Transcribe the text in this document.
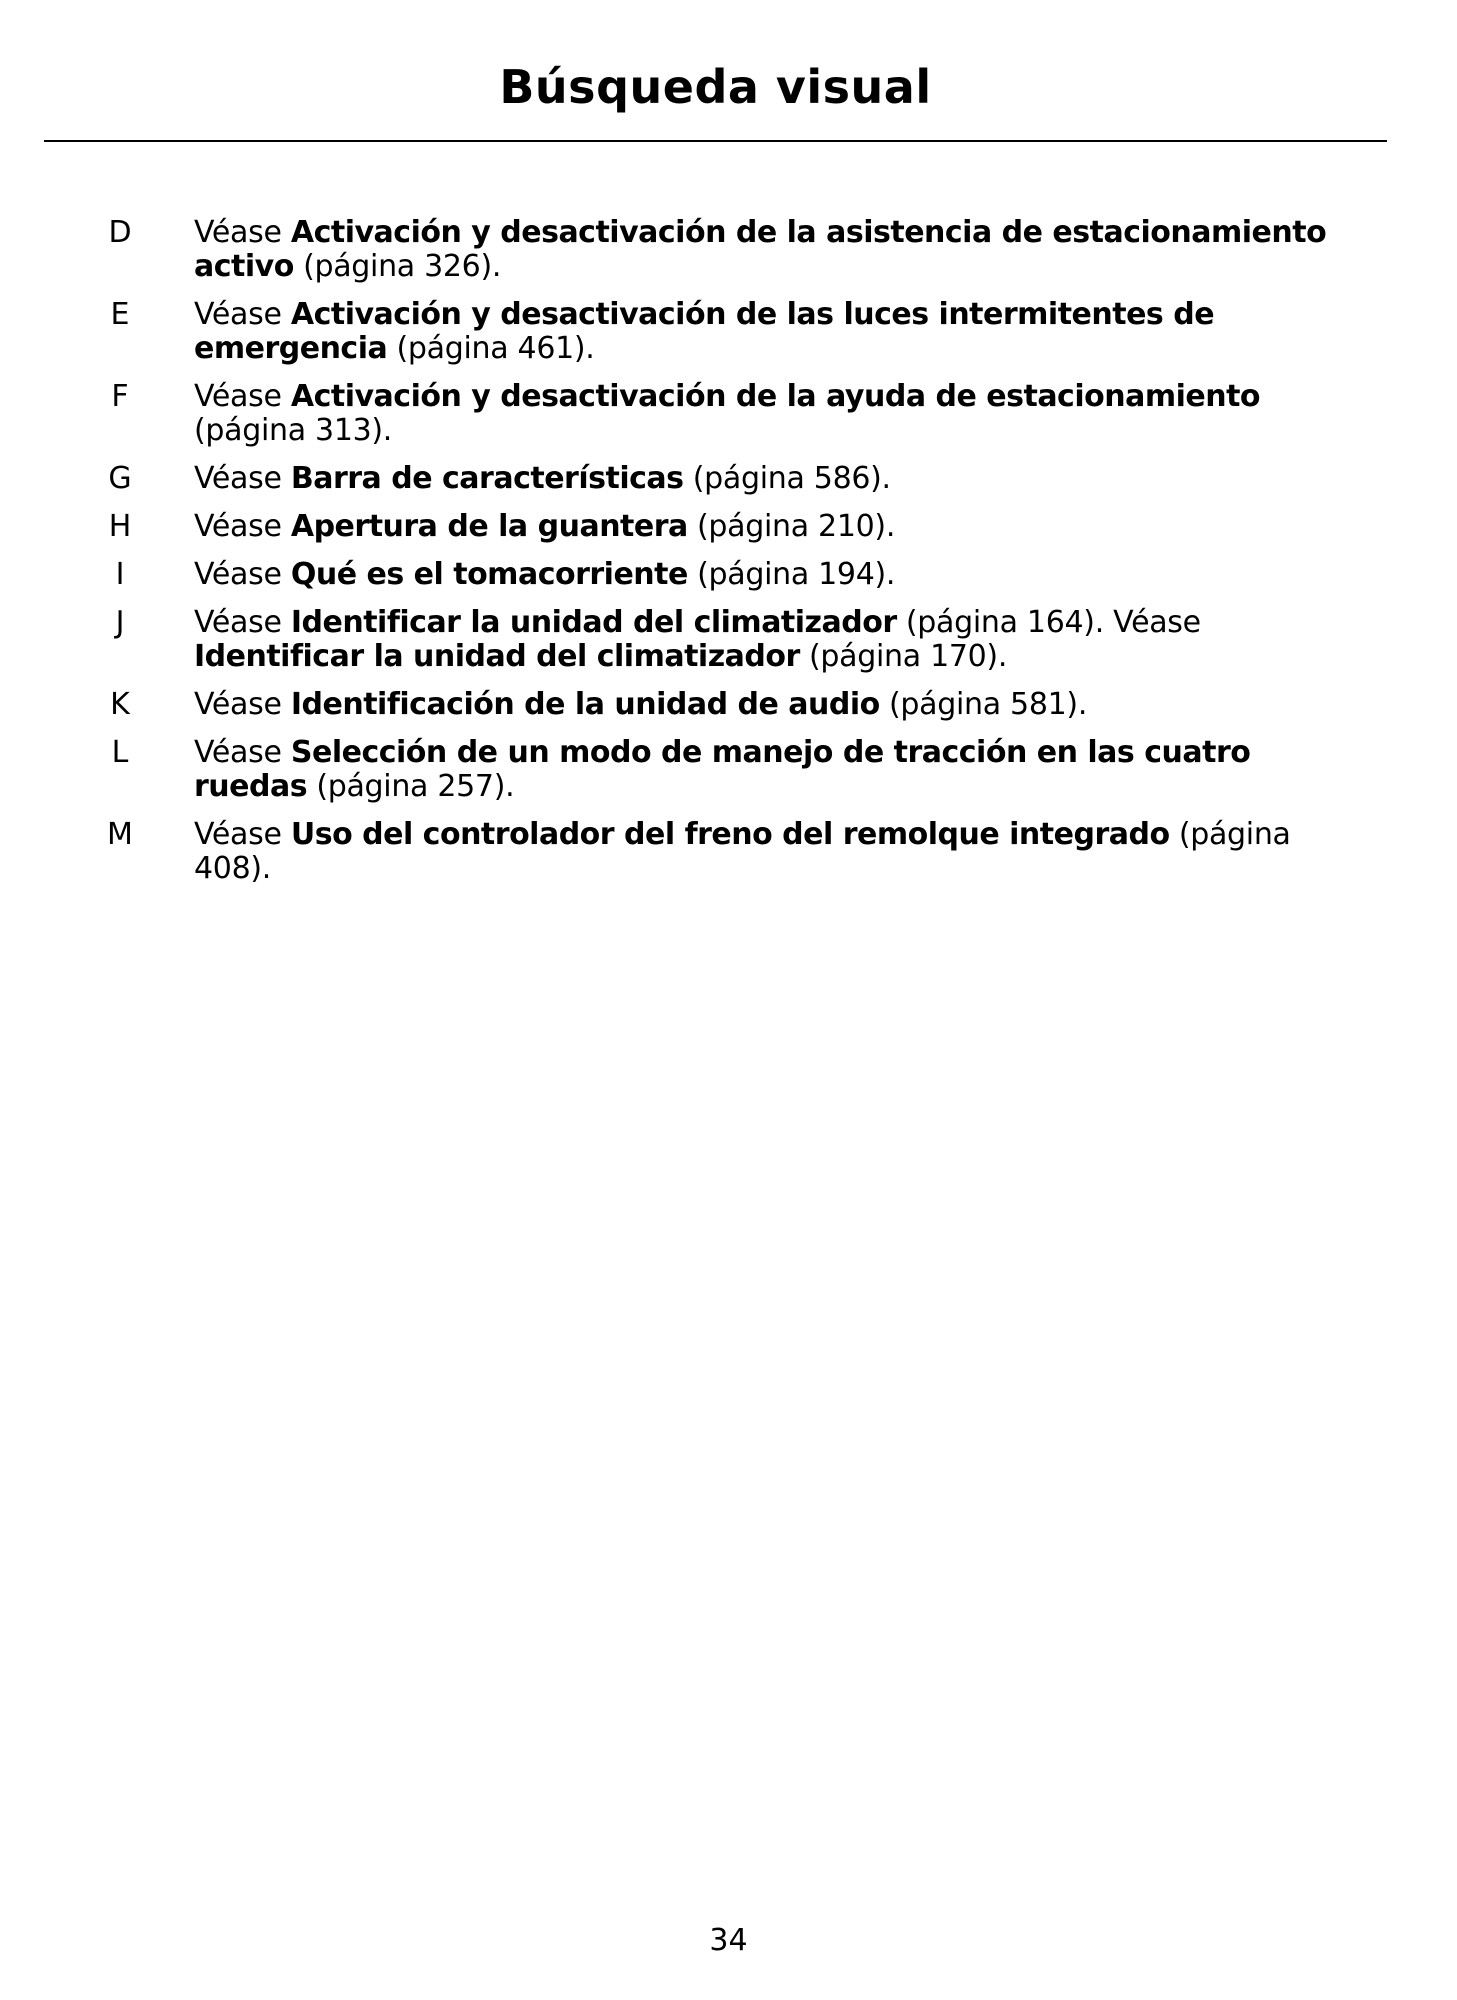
Búsqueda visual
D Véase Activación y desactivación de la asistencia de estacionamiento activo (página 326).
E	Véase Activación y desactivación de las luces intermitentes de emergencia (página 461).
F	Véase Activación y desactivación de la ayuda de estacionamiento (página 313).
G Véase Barra de características (página 586).
H Véase Apertura de la guantera (página 210).
I	Véase Qué es el tomacorriente (página 194).
J	Véase Identificar la unidad del climatizador (página 164). Véase Identificar la unidad del climatizador (página 170).
K	Véase Identificación de la unidad de audio (página 581).
L	Véase Selección de un modo de manejo de tracción en las cuatro ruedas (página 257).
M Véase Uso del controlador del freno del remolque integrado (página 408).
34
